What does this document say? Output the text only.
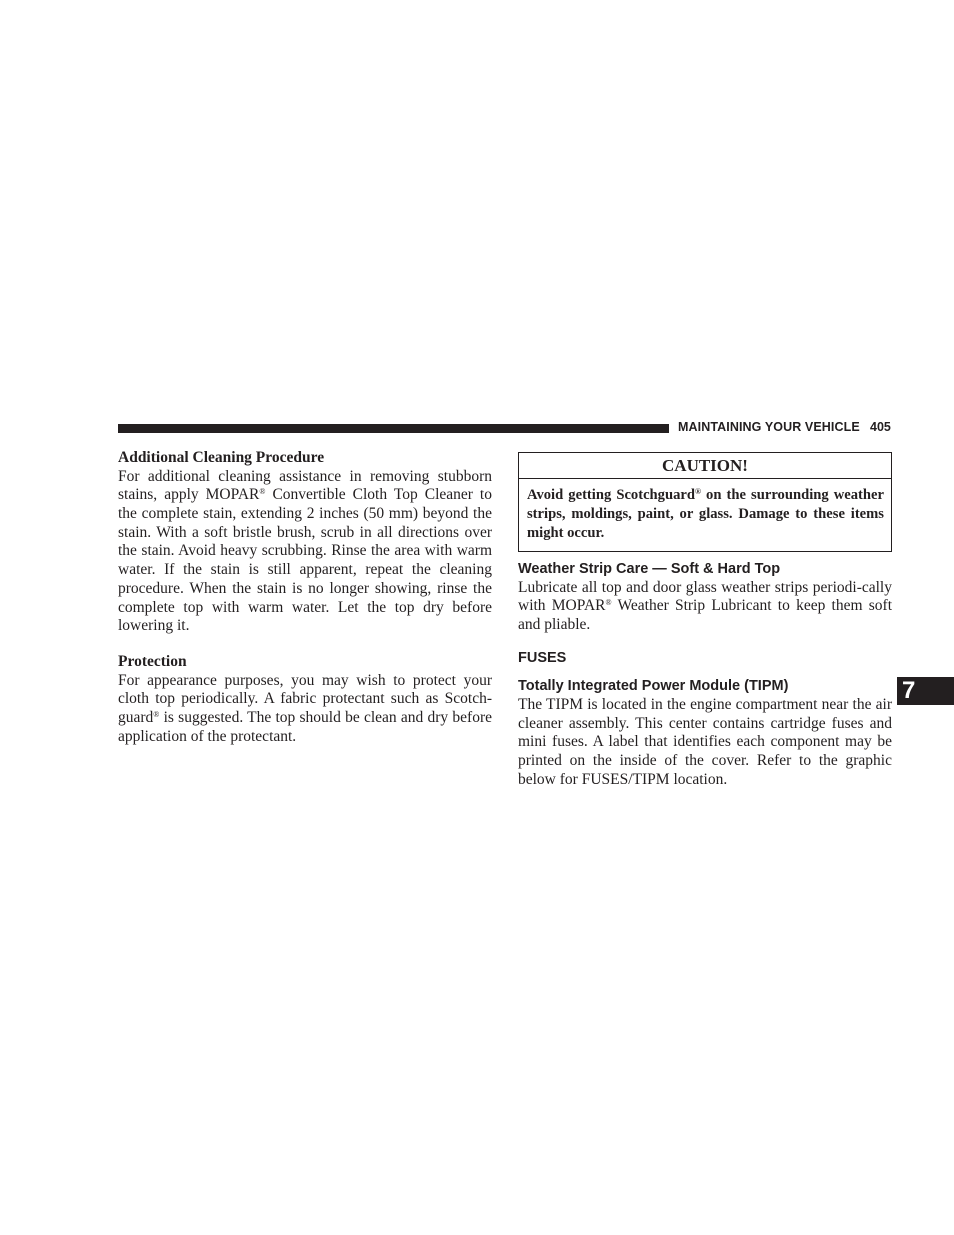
MAINTAINING YOUR VEHICLE 405
Additional Cleaning Procedure

For additional cleaning assistance in removing stubborn stains, apply MOPAR® Convertible Cloth Top Cleaner to the complete stain, extending 2 inches (50 mm) beyond the stain. With a soft bristle brush, scrub in all directions over the stain. Avoid heavy scrubbing. Rinse the area with warm water. If the stain is still apparent, repeat the cleaning procedure. When the stain is no longer showing, rinse the complete top with warm water. Let the top dry before lowering it.

Protection

For appearance purposes, you may wish to protect your cloth top periodically. A fabric protectant such as Scotch-guard® is suggested. The top should be clean and dry before application of the protectant.

CAUTION!
Avoid getting Scotchguard® on the surrounding weather strips, moldings, paint, or glass. Damage to these items might occur.
Weather Strip Care — Soft & Hard Top

Lubricate all top and door glass weather strips periodi-cally with MOPAR® Weather Strip Lubricant to keep them soft and pliable.

FUSES
Totally Integrated Power Module (TIPM)

The TIPM is located in the engine compartment near the air cleaner assembly. This center contains cartridge fuses and mini fuses. A label that identifies each component may be printed on the inside of the cover. Refer to the graphic below for FUSES/TIPM location.

7
